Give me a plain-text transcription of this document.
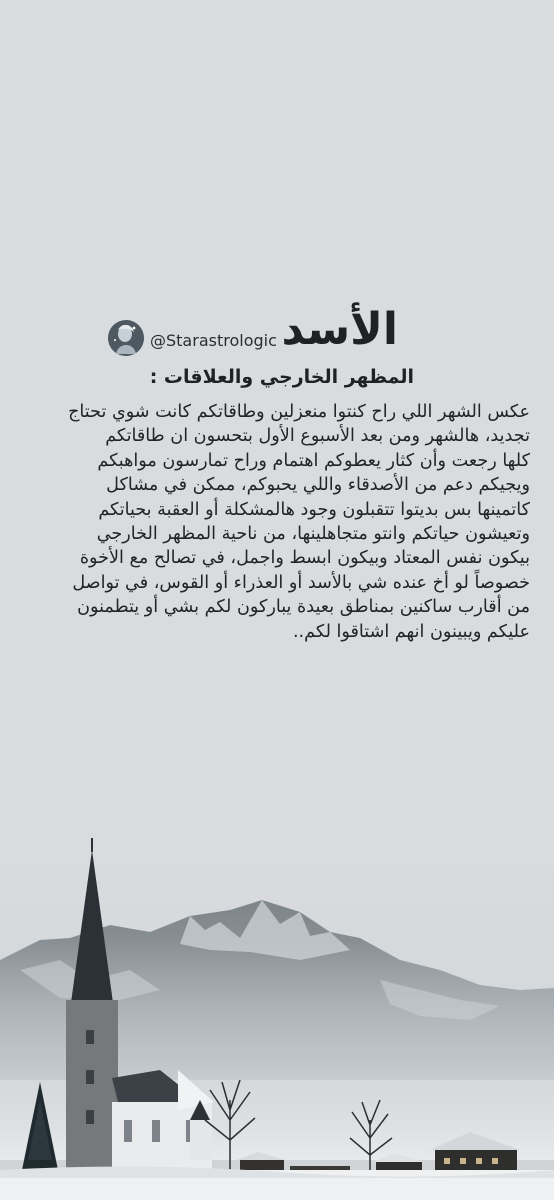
الأسد
@Starastrologic
المظهر الخارجي والعلاقات :
عكس الشهر اللي راح كنتوا منعزلين وطاقاتكم كانت شوي تحتاج
تجديد، هالشهر ومن بعد الأسبوع الأول بتحسون ان طاقاتكم
كلها رجعت وأن كثار يعطوكم اهتمام وراح تمارسون مواهبكم
ويجيكم دعم من الأصدقاء واللي يحبوكم، ممكن في مشاكل
كاتمينها بس بديتوا تتقبلون وجود هالمشكلة أو العقبة بحياتكم
وتعيشون حياتكم وانتو متجاهلينها، من ناحية المظهر الخارجي
بيكون نفس المعتاد وبيكون ابسط واجمل، في تصالح مع الأخوة
خصوصاً لو أخ عنده شي بالأسد أو العذراء أو القوس، في تواصل
من أقارب ساكنين بمناطق بعيدة يباركون لكم بشي أو يتطمنون
عليكم ويبينون انهم اشتاقوا لكم..
